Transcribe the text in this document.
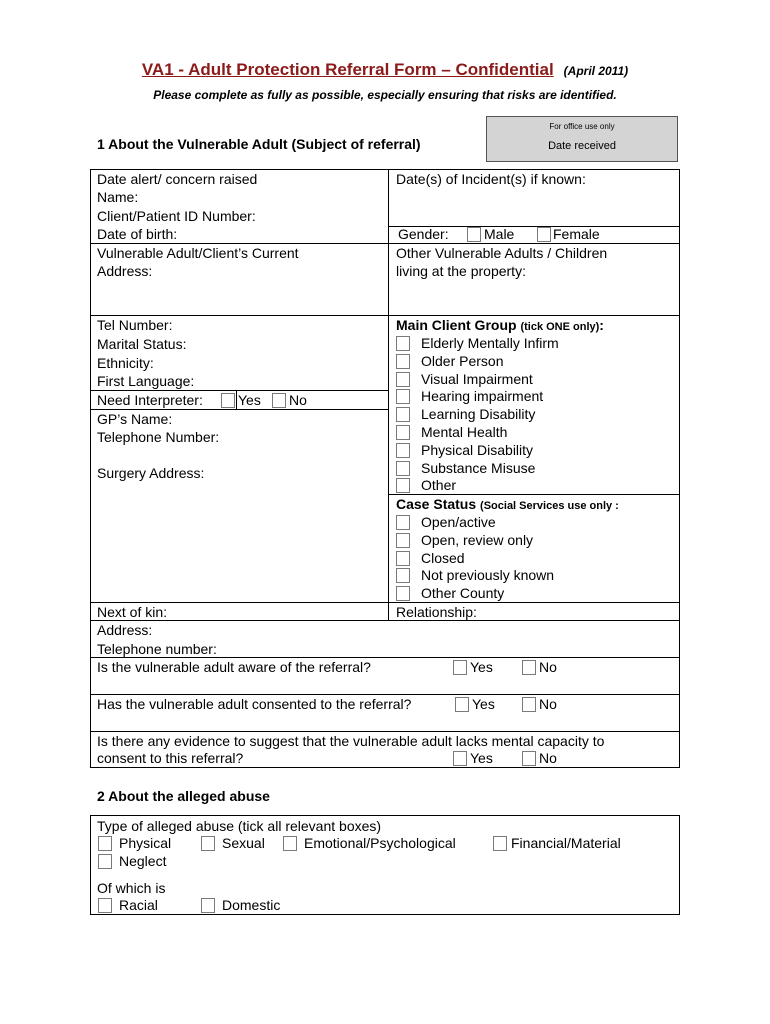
VA1 - Adult Protection Referral Form – Confidential (April 2011)
Please complete as fully as possible, especially ensuring that risks are identified.
For office use only
Date received
1 About the Vulnerable Adult (Subject of referral)
Date alert/ concern raised
Name:
Client/Patient ID Number:
Date of birth:
Vulnerable Adult/Client’s Current
Address:
Tel Number:
Marital Status:
Ethnicity:
First Language:
Need Interpreter:	Yes No
GP’s Name:
Telephone Number:
Surgery Address:
Date(s) of Incident(s) if known:
Gender:	Male	Female
Other Vulnerable Adults / Children
living at the property:
Main Client Group (tick ONE only):
Elderly Mentally Infirm
Older Person
Visual Impairment
Hearing impairment
Learning Disability
Mental Health
Physical Disability
Substance Misuse
Other
Case Status (Social Services use only :
Open/active
Open, review only
Closed
Not previously known
Other County
Next of kin:	Relationship:
Address:
Telephone number:
Is the vulnerable adult aware of the referral?	Yes	No
Has the vulnerable adult consented to the referral?	Yes	No
Is there any evidence to suggest that the vulnerable adult lacks mental capacity to
consent to this referral?	Yes	No
2 About the alleged abuse
Type of alleged abuse (tick all relevant boxes)
Physical	Sexual	Emotional/Psychological	Financial/Material
Neglect
Of which is
Racial	Domestic
